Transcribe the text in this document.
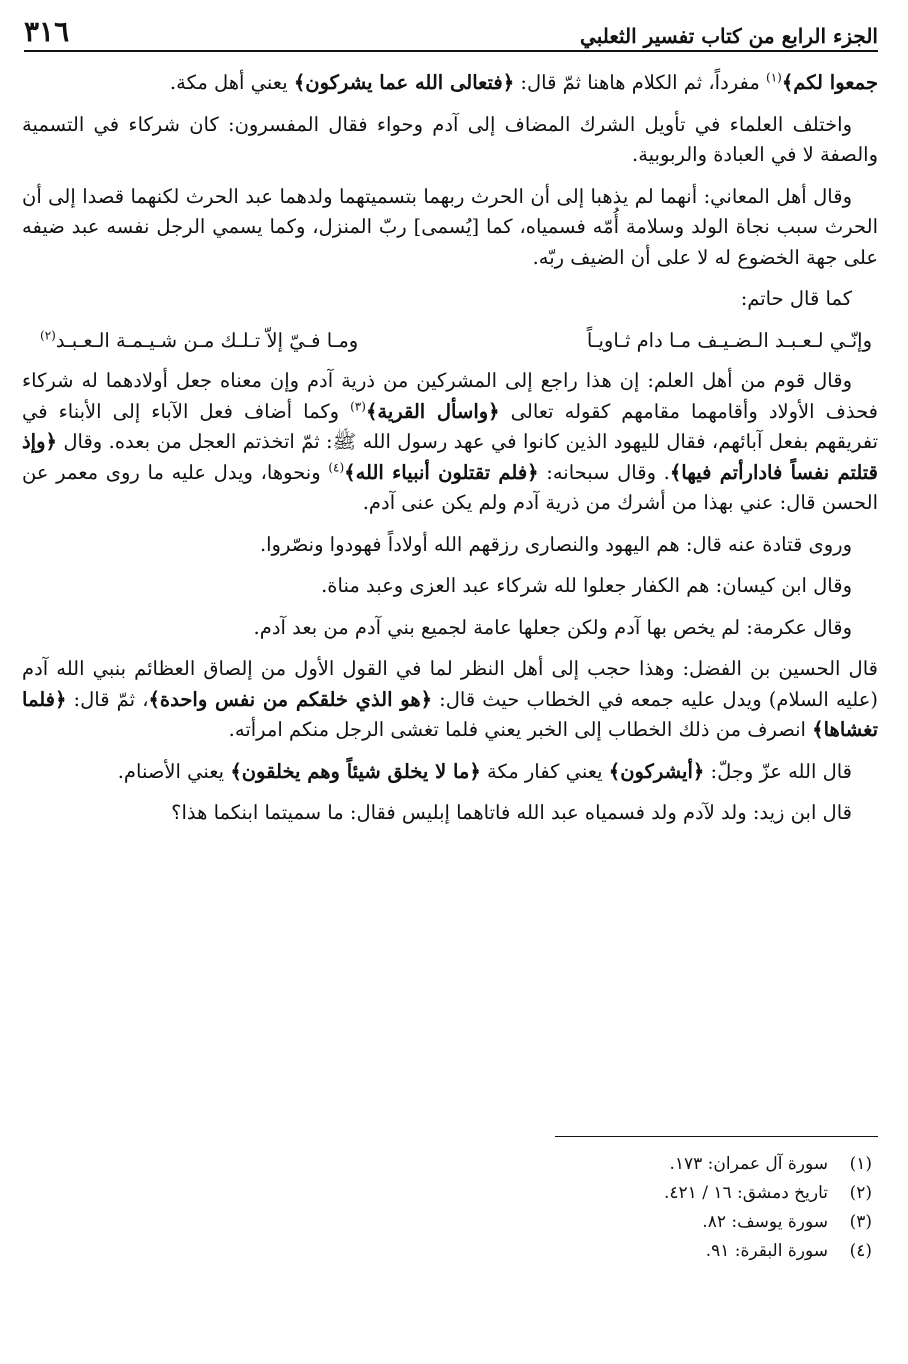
الجزء الرابع من كتاب تفسير الثعلبي
٣١٦

جمعوا لكم﴾$^{(١)}$ مفرداً، ثم الكلام هاهنا ثمّ قال: ﴿فتعالى الله عما يشركون﴾ يعني أهل مكة.

واختلف العلماء في تأويل الشرك المضاف إلى آدم وحواء فقال المفسرون: كان شركاء في التسمية والصفة لا في العبادة والربوبية.

وقال أهل المعاني: أنهما لم يذهبا إلى أن الحرث ربهما بتسميتهما ولدهما عبد الحرث لكنهما قصدا إلى أن الحرث سبب نجاة الولد وسلامة أُمّه فسمياه، كما [يُسمى] ربّ المنزل، وكما يسمي الرجل نفسه عبد ضيفه على جهة الخضوع له لا على أن الضيف ربّه.

كما قال حاتم:

وإنّـي لـعـبـد الـضـيـف مـا دام ثـاويـاً
ومـا فـيّ إلاّ تـلـك مـن شـيـمـة الـعـبـد$^{(٢)}$

وقال قوم من أهل العلم: إن هذا راجع إلى المشركين من ذرية آدم وإن معناه جعل أولادهما له شركاء فحذف الأولاد وأقامهما مقامهم كقوله تعالى ﴿واسأل القرية﴾$^{(٣)}$ وكما أضاف فعل الآباء إلى الأبناء في تفريقهم بفعل آبائهم، فقال لليهود الذين كانوا في عهد رسول الله ﷺ: ثمّ اتخذتم العجل من بعده. وقال ﴿وإذ قتلتم نفساً فادارأتم فيها﴾. وقال سبحانه: ﴿فلم تقتلون أنبياء الله﴾$^{(٤)}$ ونحوها، ويدل عليه ما روى معمر عن الحسن قال: عني بهذا من أشرك من ذرية آدم ولم يكن عنى آدم.

وروى قتادة عنه قال: هم اليهود والنصارى رزقهم الله أولاداً فهودوا ونصّروا.

وقال ابن كيسان: هم الكفار جعلوا لله شركاء عبد العزى وعبد مناة.

وقال عكرمة: لم يخص بها آدم ولكن جعلها عامة لجميع بني آدم من بعد آدم.

قال الحسين بن الفضل: وهذا حجب إلى أهل النظر لما في القول الأول من إلصاق العظائم بنبي الله آدم (عليه السلام) ويدل عليه جمعه في الخطاب حيث قال: ﴿هو الذي خلقكم من نفس واحدة﴾، ثمّ قال: ﴿فلما تغشاها﴾ انصرف من ذلك الخطاب إلى الخبر يعني فلما تغشى الرجل منكم امرأته.

قال الله عزّ وجلّ: ﴿أيشركون﴾ يعني كفار مكة ﴿ما لا يخلق شيئاً وهم يخلقون﴾ يعني الأصنام.

قال ابن زيد: ولد لآدم ولد فسمياه عبد الله فاتاهما إبليس فقال: ما سميتما ابنكما هذا؟

(١)
سورة آل عمران: ١٧٣.
(٢)
تاريخ دمشق: ١٦ / ٤٢١.
(٣)
سورة يوسف: ٨٢.
(٤)
سورة البقرة: ٩١.
